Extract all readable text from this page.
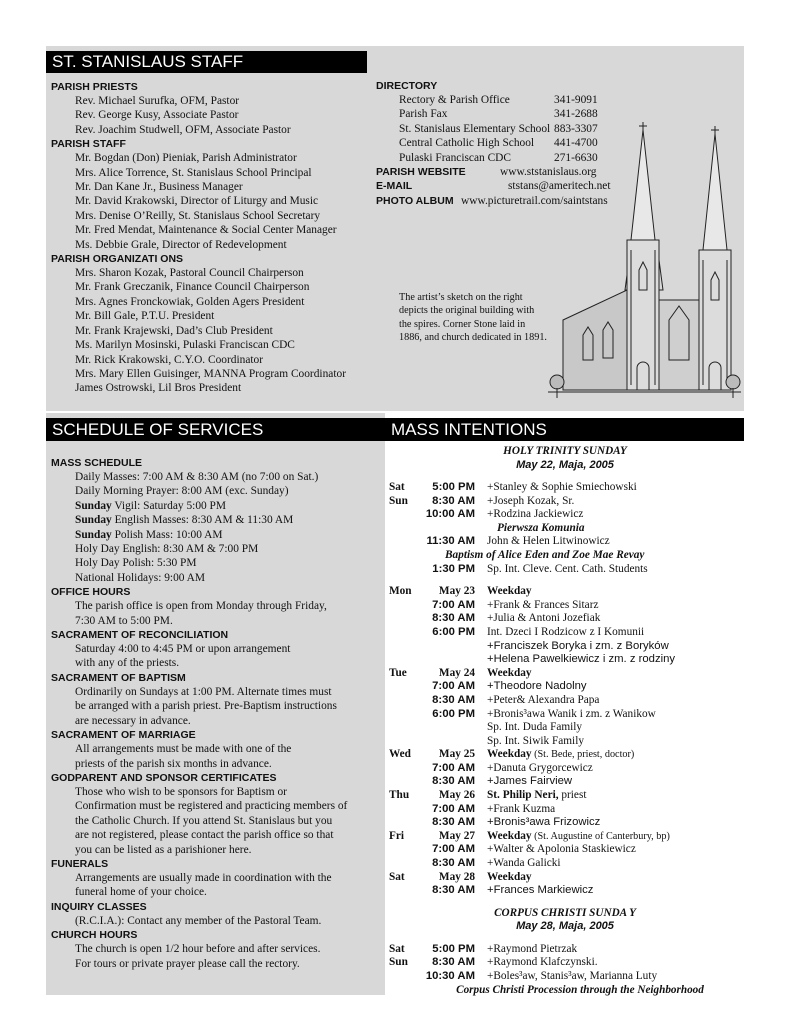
ST. STANISLAUS STAFF
PARISH PRIESTS
Rev. Michael Surufka, OFM, Pastor
Rev. George Kusy, Associate Pastor
Rev. Joachim Studwell, OFM, Associate Pastor
PARISH STAFF
Mr. Bogdan (Don) Pieniak, Parish Administrator
Mrs. Alice Torrence, St. Stanislaus School Principal
Mr. Dan Kane Jr., Business Manager
Mr. David Krakowski, Director of Liturgy and Music
Mrs. Denise O’Reilly, St. Stanislaus School Secretary
Mr. Fred Mendat, Maintenance & Social Center Manager
Ms. Debbie Grale, Director of Redevelopment
PARISH ORGANIZATI ONS
Mrs. Sharon Kozak, Pastoral Council Chairperson
Mr. Frank Greczanik, Finance Council Chairperson
Mrs. Agnes Fronckowiak, Golden Agers President
Mr. Bill Gale, P.T.U. President
Mr. Frank Krajewski, Dad’s Club President
Ms. Marilyn Mosinski, Pulaski Franciscan CDC
Mr. Rick Krakowski, C.Y.O. Coordinator
Mrs. Mary Ellen Guisinger, MANNA Program Coordinator
James Ostrowski, Lil Bros President
DIRECTORY
Rectory & Parish Office	341-9091
Parish Fax	341-2688
St. Stanislaus Elementary School 883-3307
Central Catholic High School	441-4700
Pulaski Franciscan CDC	271-6630
PARISH WEBSITE	www.ststanislaus.org
E-MAIL	ststans@ameritech.net
PHOTO ALBUM www.picturetrail.com/saintstans
The artist’s sketch on the right depicts the original building with the spires. Corner Stone laid in 1886, and church dedicated in 1891.
SCHEDULE OF SERVICES	MASS INTENTIONS
MASS SCHEDULE
Daily Masses: 7:00 AM & 8:30 AM (no 7:00 on Sat.)
Daily Morning Prayer: 8:00 AM (exc. Sunday)
Sunday Vigil: Saturday 5:00 PM
Sunday English Masses: 8:30 AM & 11:30 AM
Sunday Polish Mass: 10:00 AM
Holy Day English: 8:30 AM & 7:00 PM
Holy Day Polish: 5:30 PM
National Holidays: 9:00 AM
OFFICE HOURS
The parish office is open from Monday through Friday,
7:30 AM to 5:00 PM.
SACRAMENT OF RECONCILIATION
Saturday 4:00 to 4:45 PM or upon arrangement
with any of the priests.
SACRAMENT OF BAPTISM
Ordinarily on Sundays at 1:00 PM. Alternate times must
be arranged with a parish priest. Pre-Baptism instructions
are necessary in advance.
SACRAMENT OF MARRIAGE
All arrangements must be made with one of the
priests of the parish six months in advance.
GODPARENT AND SPONSOR CERTIFICATES
Those who wish to be sponsors for Baptism or
Confirmation must be registered and practicing members of
the Catholic Church. If you attend St. Stanislaus but you
are not registered, please contact the parish office so that
you can be listed as a parishioner here.
FUNERALS
Arrangements are usually made in coordination with the
funeral home of your choice.
INQUIRY CLASSES
(R.C.I.A.): Contact any member of the Pastoral Team.
CHURCH HOURS
The church is open 1/2 hour before and after services.
For tours or private prayer please call the rectory.
HOLY TRINITY SUNDAY
May 22, Maja, 2005
Sat	5:00 PM	+Stanley & Sophie Smiechowski
Sun	8:30 AM	+Joseph Kozak, Sr.
10:00 AM	+Rodzina Jackiewicz
Pierwsza Komunia
11:30 AM	John & Helen Litwinowicz
Baptism of Alice Eden and Zoe Mae Revay
1:30 PM	Sp. Int. Cleve. Cent. Cath. Students
Mon	May 23	Weekday
7:00 AM	+Frank & Frances Sitarz
8:30 AM	+Julia & Antoni Jozefiak
6:00 PM	Int. Dzeci I Rodzicow z I Komunii
+Franciszek Boryka i zm. z Boryków
+Helena Pawelkiewicz i zm. z rodziny
Tue	May 24	Weekday
7:00 AM	+Theodore Nadolny
8:30 AM	+Peter& Alexandra Papa
6:00 PM	+Bronis³awa Wanik i zm. z Wanikow
Sp. Int. Duda Family
Sp. Int. Siwik Family
Wed	May 25	Weekday (St. Bede, priest, doctor)
7:00 AM	+Danuta Grygorcewicz
8:30 AM	+James Fairview
Thu	May 26	St. Philip Neri, priest
7:00 AM	+Frank Kuzma
8:30 AM	+Bronis³awa Frizowicz
Fri	May 27	Weekday (St. Augustine of Canterbury, bp)
7:00 AM	+Walter & Apolonia Staskiewicz
8:30 AM	+Wanda Galicki
Sat	May 28	Weekday
8:30 AM	+Frances Markiewicz
CORPUS CHRISTI SUNDA Y
May 28, Maja, 2005
Sat	5:00 PM	+Raymond Pietrzak
Sun	8:30 AM	+Raymond Klafczynski.
10:30 AM	+Boles³aw, Stanis³aw, Marianna Luty
Corpus Christi Procession through the Neighborhood
